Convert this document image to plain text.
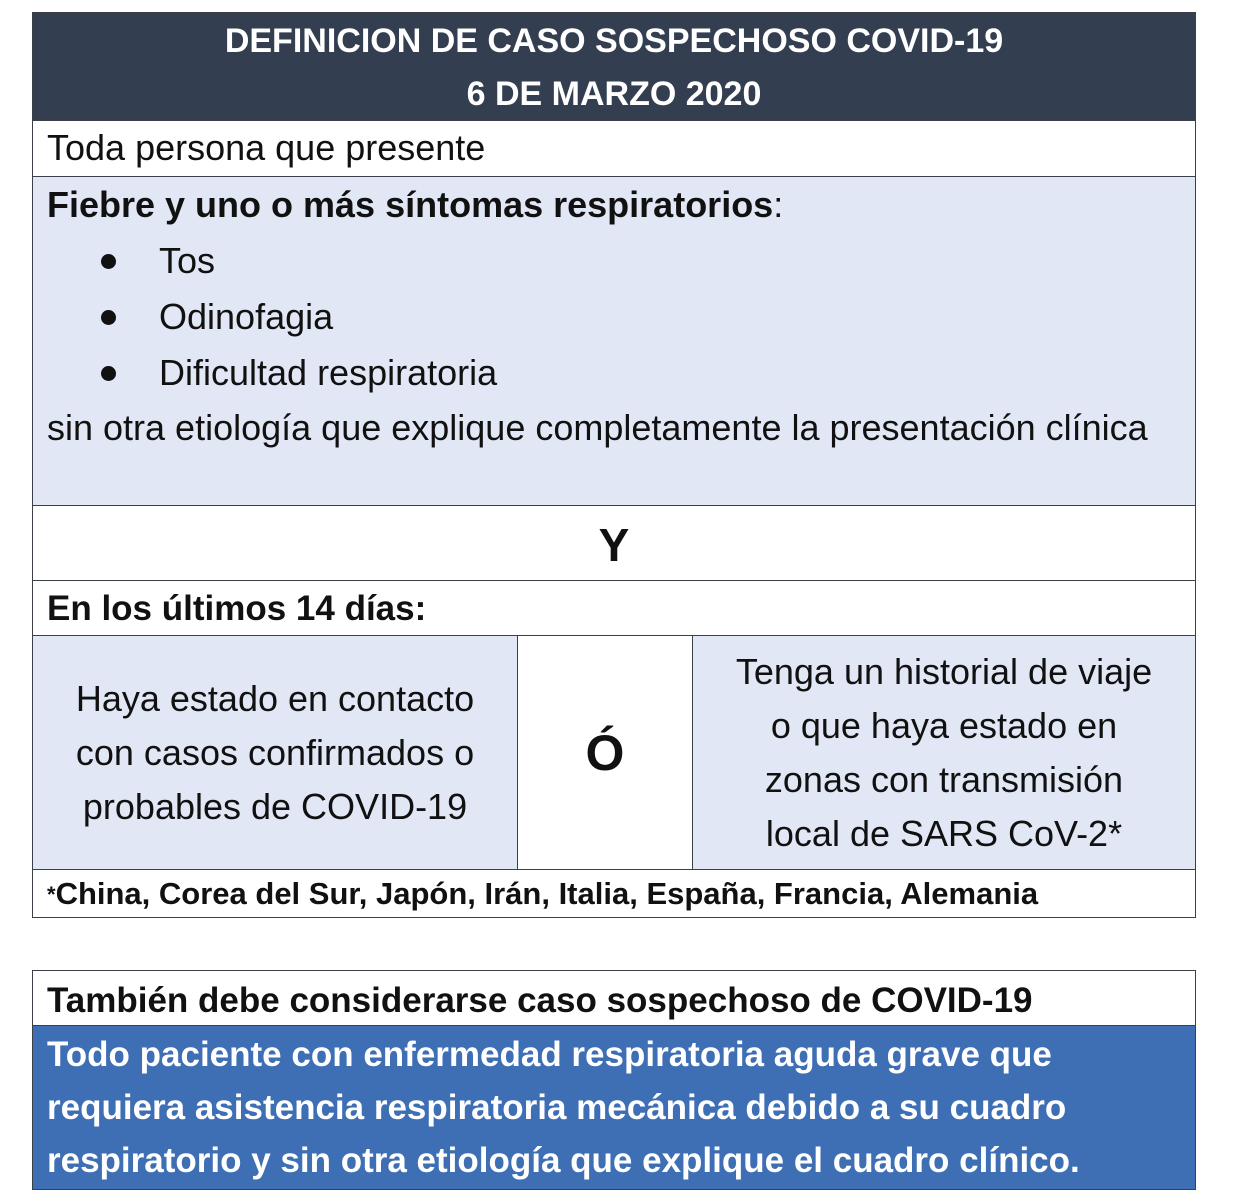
DEFINICION DE CASO SOSPECHOSO COVID-19
6 DE MARZO 2020
Toda persona que presente
Fiebre y uno o más síntomas respiratorios:
Tos
Odinofagia
Dificultad respiratoria
sin otra etiología que explique completamente la presentación clínica
Y
En los últimos 14 días:
Haya estado en contacto
con casos confirmados o
probables de COVID-19
Ó
Tenga un historial de viaje
o que haya estado en
zonas con transmisión
local de SARS CoV-2*
*China, Corea del Sur, Japón, Irán, Italia, España, Francia, Alemania
También debe considerarse caso sospechoso de COVID-19
Todo paciente con enfermedad respiratoria aguda grave que
requiera asistencia respiratoria mecánica debido a su cuadro
respiratorio y sin otra etiología que explique el cuadro clínico.
